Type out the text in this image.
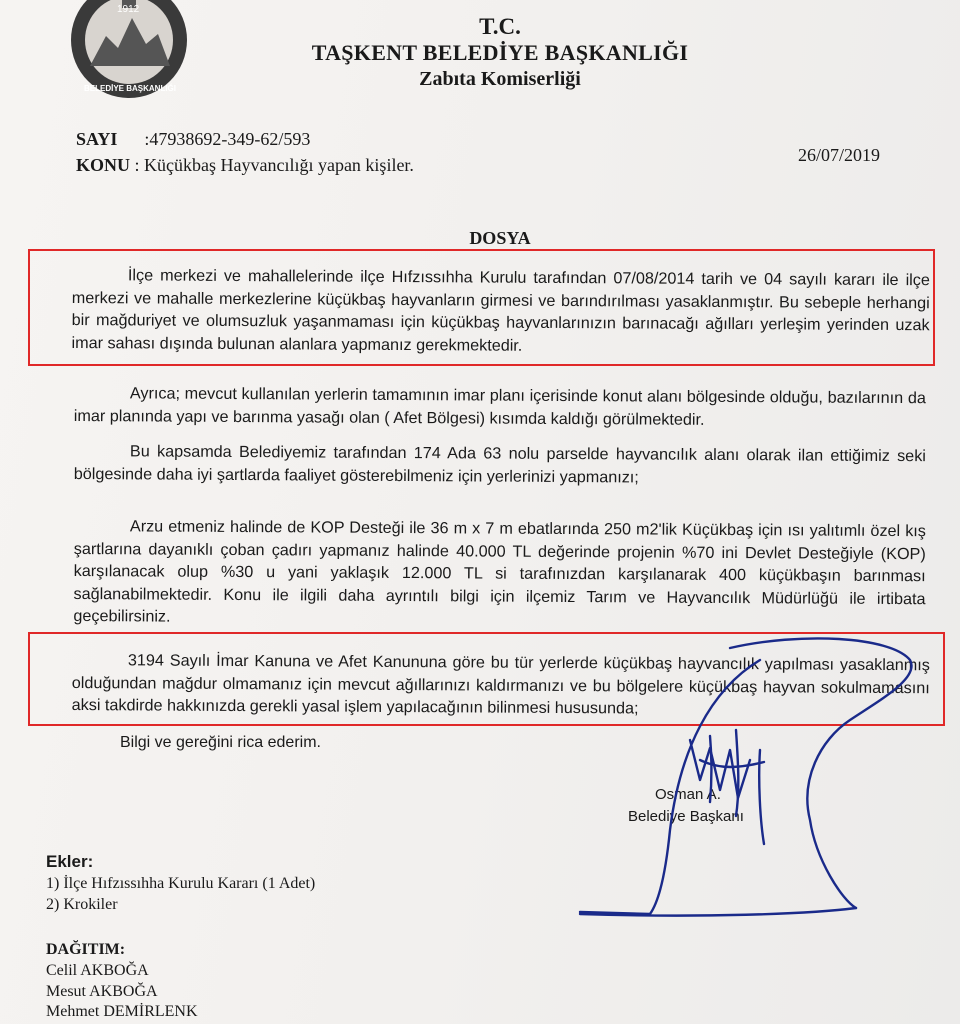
1912
BELEDİYE BAŞKANLIĞI
T.C.
TAŞKENT BELEDİYE BAŞKANLIĞI
Zabıta Komiserliği
SAYI :47938692-349-62/593
KONU : Küçükbaş Hayvancılığı yapan kişiler.	26/07/2019
DOSYA
İlçe merkezi ve mahallelerinde ilçe Hıfzıssıhha Kurulu tarafından 07/08/2014 tarih ve 04 sayılı kararı ile ilçe merkezi ve mahalle merkezlerine küçükbaş hayvanların girmesi ve barındırılması yasaklanmıştır. Bu sebeple herhangi bir mağduriyet ve olumsuzluk yaşanmaması için küçükbaş hayvanlarınızın barınacağı ağılları yerleşim yerinden uzak imar sahası dışında bulunan alanlara yapmanız gerekmektedir.
Ayrıca; mevcut kullanılan yerlerin tamamının imar planı içerisinde konut alanı bölgesinde olduğu, bazılarının da imar planında yapı ve barınma yasağı olan ( Afet Bölgesi) kısımda kaldığı görülmektedir.
Bu kapsamda Belediyemiz tarafından 174 Ada 63 nolu parselde hayvancılık alanı olarak ilan ettiğimiz seki bölgesinde daha iyi şartlarda faaliyet gösterebilmeniz için yerlerinizi yapmanızı;
Arzu etmeniz halinde de KOP Desteği ile 36 m x 7 m ebatlarında 250 m2'lik Küçükbaş için ısı yalıtımlı özel kış şartlarına dayanıklı çoban çadırı yapmanız halinde 40.000 TL değerinde projenin %70 ini Devlet Desteğiyle (KOP) karşılanacak olup %30 u yani yaklaşık 12.000 TL si tarafınızdan karşılanarak 400 küçükbaşın barınması sağlanabilmektedir. Konu ile ilgili daha ayrıntılı bilgi için ilçemiz Tarım ve Hayvancılık Müdürlüğü ile irtibata geçebilirsiniz.
3194 Sayılı İmar Kanuna ve Afet Kanununa göre bu tür yerlerde küçükbaş hayvancılık yapılması yasaklanmış olduğundan mağdur olmamanız için mevcut ağıllarınızı kaldırmanızı ve bu bölgelere küçükbaş hayvan sokulmamasını aksi takdirde hakkınızda gerekli yasal işlem yapılacağının bilinmesi hususunda;
Bilgi ve gereğini rica ederim.
Osman A.
Belediye Başkanı
Ekler:
1) İlçe Hıfzıssıhha Kurulu Kararı (1 Adet)
2) Krokiler
DAĞITIM:
Celil AKBOĞA
Mesut AKBOĞA
Mehmet DEMİRLENK
